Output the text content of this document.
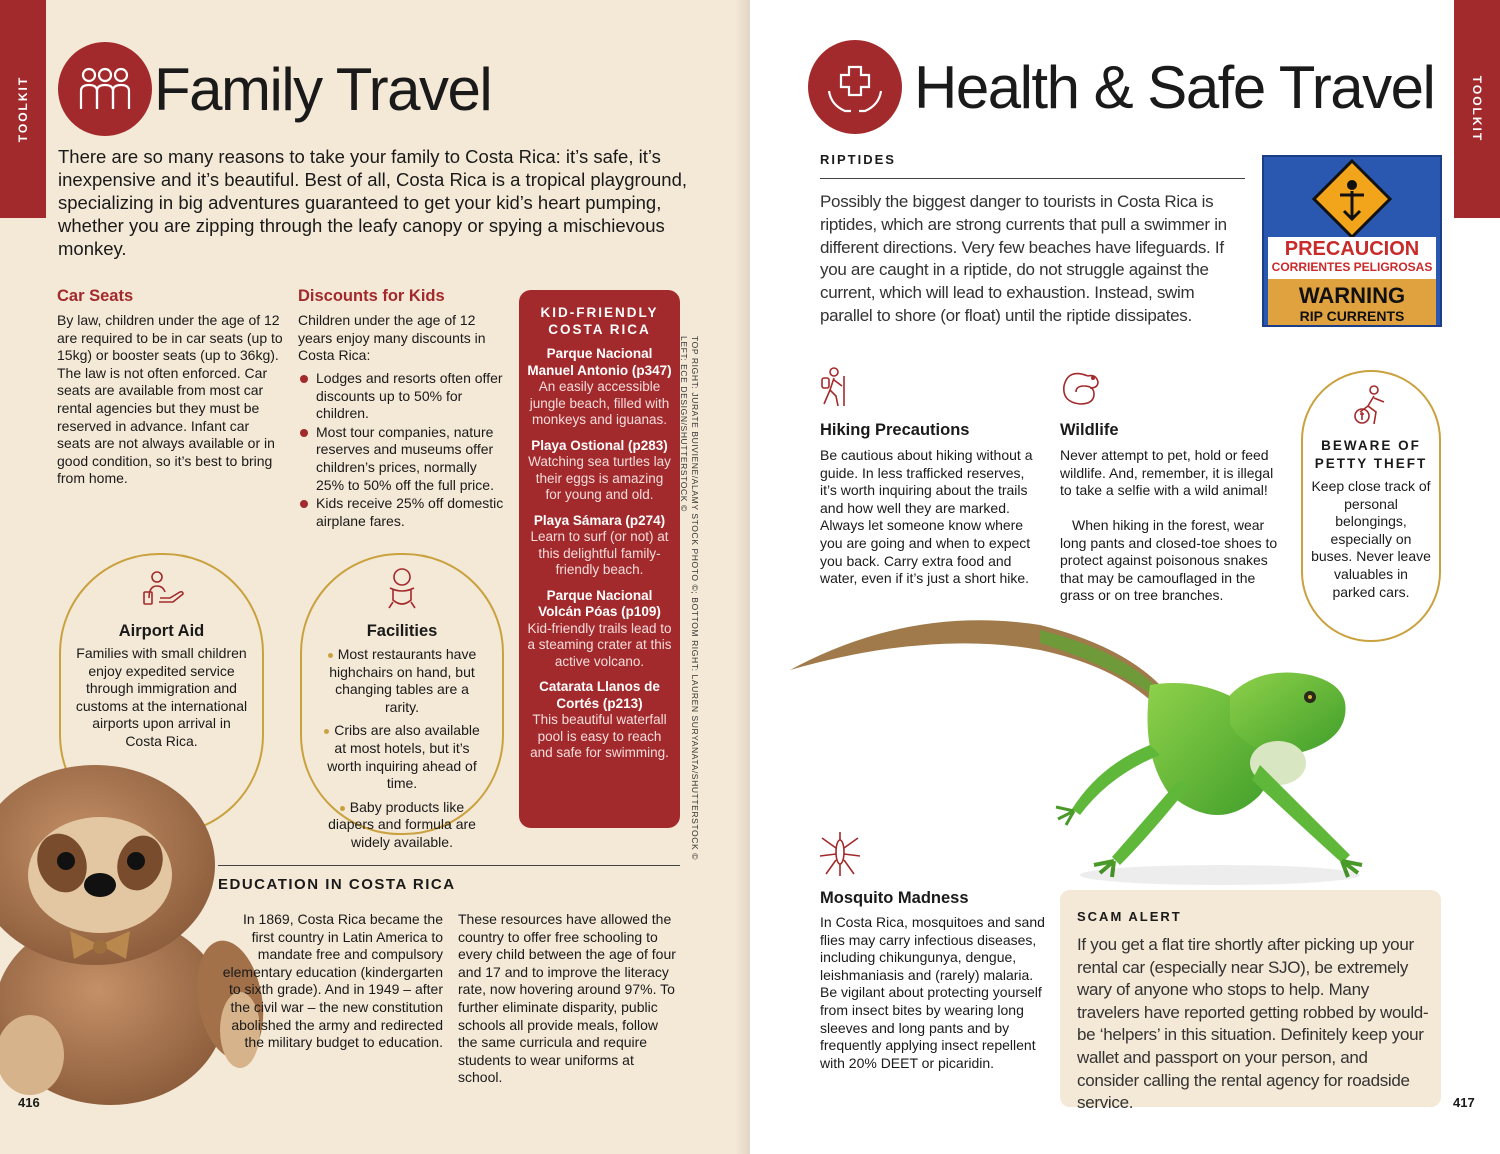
TOOLKIT Family Travel

There are so many reasons to take your family to Costa Rica: it’s safe, it’s inexpensive and it’s beautiful. Best of all, Costa Rica is a tropical playground, specializing in big adventures guaranteed to get your kid’s heart pumping, whether you are zipping through the leafy canopy or spying a mischievous monkey.

Car Seats

By law, children under the age of 12 are required to be in car seats (up to 15kg) or booster seats (up to 36kg). The law is not often enforced. Car seats are available from most car rental agencies but they must be reserved in advance. Infant car seats are not always available or in good condition, so it’s best to bring from home.

Discounts for Kids

Children under the age of 12 years enjoy many discounts in Costa Rica:

Lodges and resorts often offer discounts up to 50% for children.
Most tour companies, nature reserves and museums offer children’s prices, normally 25% to 50% off the full price.
Kids receive 25% off domestic airplane fares.
KID-FRIENDLY
COSTA RICA
Parque Nacional Manuel Antonio (p347)
An easily accessible jungle beach, filled with monkeys and iguanas.
Playa Ostional (p283)
Watching sea turtles lay their eggs is amazing for young and old.
Playa Sámara (p274)
Learn to surf (or not) at this delightful family-friendly beach.
Parque Nacional Volcán Póas (p109)
Kid-friendly trails lead to a steaming crater at this active volcano.
Catarata Llanos de Cortés (p213)
This beautiful waterfall pool is easy to reach and safe for swimming.	TOP RIGHT: JURATE BUIVIENE/ALAMY STOCK PHOTO ©; BOTTOM RIGHT: LAUREN SURYANATA/SHUTTERSTOCK ©
LEFT: ECE DESIGN/SHUTTERSTOCK ©
Airport Aid

Families with small children enjoy expedited service through immigration and customs at the international airports upon arrival in Costa Rica.

Facilities
Most restaurants have highchairs on hand, but changing tables are a rarity.
Cribs are also available at most hotels, but it’s worth inquiring ahead of time.
Baby products like diapers and formula are widely available.
EDUCATION IN COSTA RICA

In 1869, Costa Rica became the first country in Latin America to mandate free and compulsory elementary education (kindergarten to sixth grade). And in 1949 – after the civil war – the new constitution abolished the army and redirected the military budget to education.

These resources have allowed the country to offer free schooling to every child between the age of four and 17 and to improve the literacy rate, now hovering around 97%. To further eliminate disparity, public schools all provide meals, follow the same curricula and require students to wear uniforms at school.

416
TOOLKIT
Health & Safe Travel
RIPTIDES

Possibly the biggest danger to tourists in Costa Rica is riptides, which are strong currents that pull a swimmer in different directions. Very few beaches have lifeguards. If you are caught in a riptide, do not struggle against the current, which will lead to exhaustion. Instead, swim parallel to shore (or float) until the riptide dissipates.

PRECAUCION
CORRIENTES PELIGROSAS
WARNING
RIP CURRENTS
Hiking Precautions

Be cautious about hiking without a guide. In less trafficked reserves, it’s worth inquiring about the trails and how well they are marked. Always let someone know where you are going and when to expect you back. Carry extra food and water, even if it’s just a short hike.

Wildlife

Never attempt to pet, hold or feed wildlife. And, remember, it is illegal to take a selfie with a wild animal!

When hiking in the forest, wear long pants and closed-toe shoes to protect against poisonous snakes that may be camouflaged in the grass or on tree branches.

BEWARE OF
PETTY THEFT

Keep close track of personal belongings, especially on buses. Never leave valuables in parked cars.

Mosquito Madness

In Costa Rica, mosquitoes and sand flies may carry infectious diseases, including chikungunya, dengue, leishmaniasis and (rarely) malaria. Be vigilant about protecting yourself from insect bites by wearing long sleeves and long pants and by frequently applying insect repellent with 20% DEET or picaridin.

SCAM ALERT

If you get a flat tire shortly after picking up your rental car (especially near SJO), be extremely wary of anyone who stops to help. Many travelers have reported getting robbed by would-be ‘helpers’ in this situation. Definitely keep your wallet and passport on your person, and consider calling the rental agency for roadside service.	417
